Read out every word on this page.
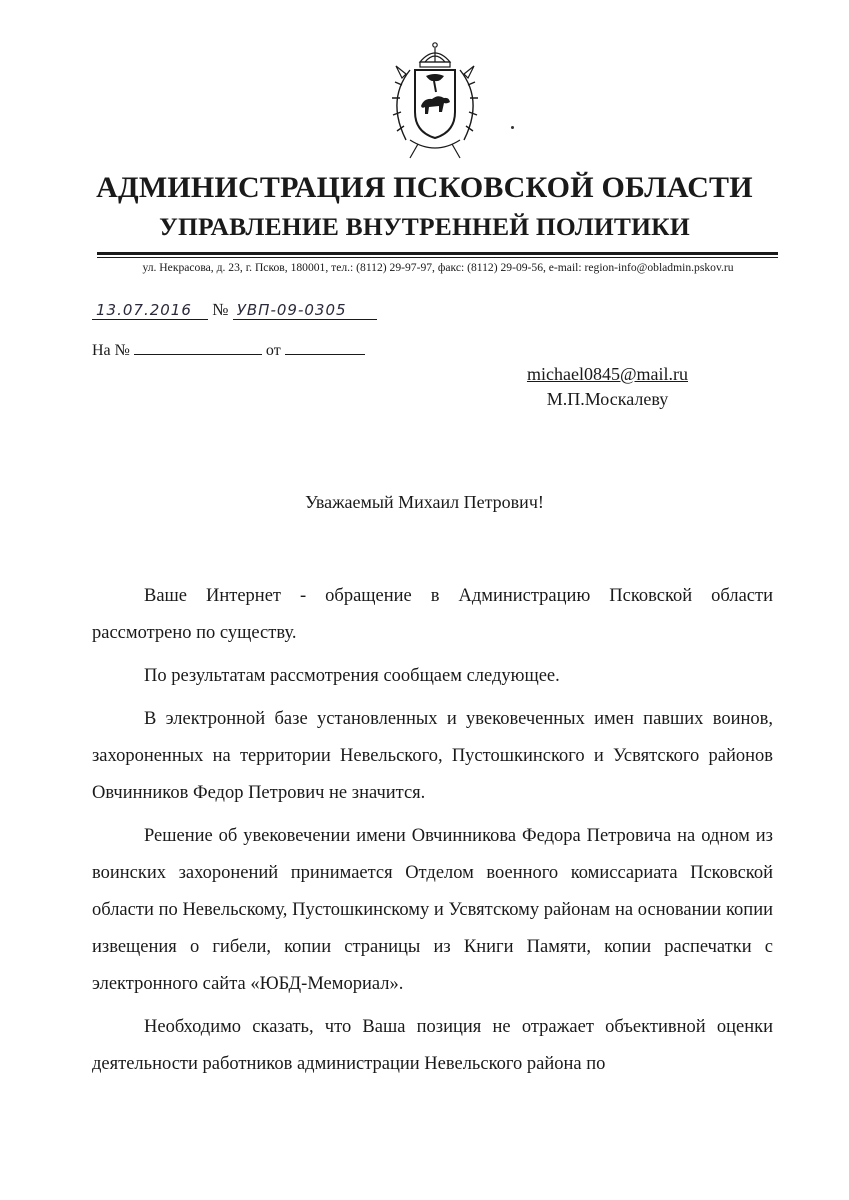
АДМИНИСТРАЦИЯ ПСКОВСКОЙ ОБЛАСТИ
УПРАВЛЕНИЕ ВНУТРЕННЕЙ ПОЛИТИКИ
ул. Некрасова, д. 23, г. Псков, 180001, тел.: (8112) 29-97-97, факс: (8112) 29-09-56, e-mail: region-info@obladmin.pskov.ru
13.07.2016 № УВП-09-0305
На №	от
michael0845@mail.ru
М.П.Москалеву
Уважаемый Михаил Петрович!

Ваше Интернет - обращение в Администрацию Псковской области рассмотрено по существу.

По результатам рассмотрения сообщаем следующее.

В электронной базе установленных и увековеченных имен павших воинов, захороненных на территории Невельского, Пустошкинского и Усвятского районов Овчинников Федор Петрович не значится.

Решение об увековечении имени Овчинникова Федора Петровича на одном из воинских захоронений принимается Отделом военного комиссариата Псковской области по Невельскому, Пустошкинскому и Усвятскому районам на основании копии извещения о гибели, копии страницы из Книги Памяти, копии распечатки с электронного сайта «ЮБД-Мемориал».

Необходимо сказать, что Ваша позиция не отражает объективной оценки деятельности работников администрации Невельского района по
